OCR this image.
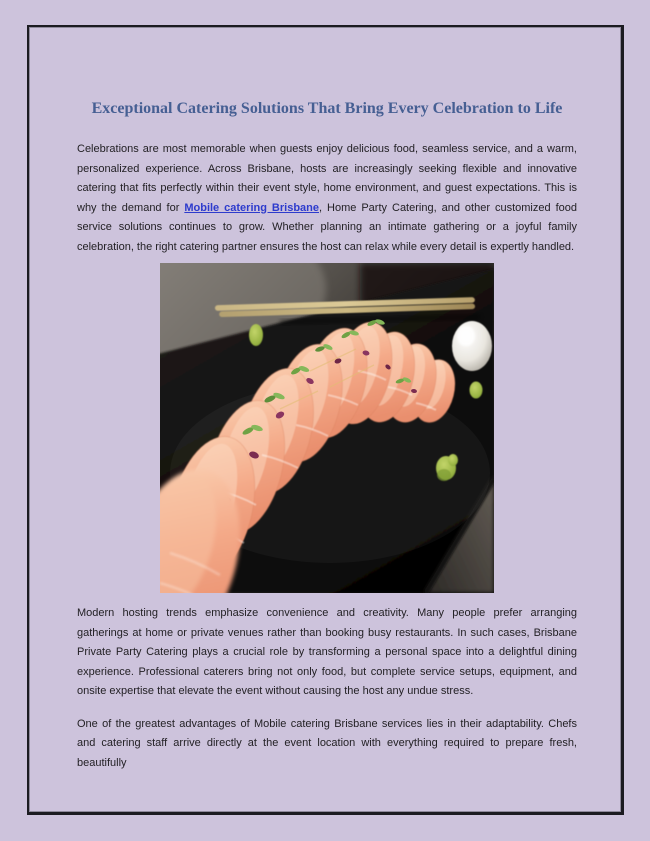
Exceptional Catering Solutions That Bring Every Celebration to Life

Celebrations are most memorable when guests enjoy delicious food, seamless service, and a warm, personalized experience. Across Brisbane, hosts are increasingly seeking flexible and innovative catering that fits perfectly within their event style, home environment, and guest expectations. This is why the demand for Mobile catering Brisbane, Home Party Catering, and other customized food service solutions continues to grow. Whether planning an intimate gathering or a joyful family celebration, the right catering partner ensures the host can relax while every detail is expertly handled.

Modern hosting trends emphasize convenience and creativity. Many people prefer arranging gatherings at home or private venues rather than booking busy restaurants. In such cases, Brisbane Private Party Catering plays a crucial role by transforming a personal space into a delightful dining experience. Professional caterers bring not only food, but complete service setups, equipment, and onsite expertise that elevate the event without causing the host any undue stress.

One of the greatest advantages of Mobile catering Brisbane services lies in their adaptability. Chefs and catering staff arrive directly at the event location with everything required to prepare fresh, beautifully
